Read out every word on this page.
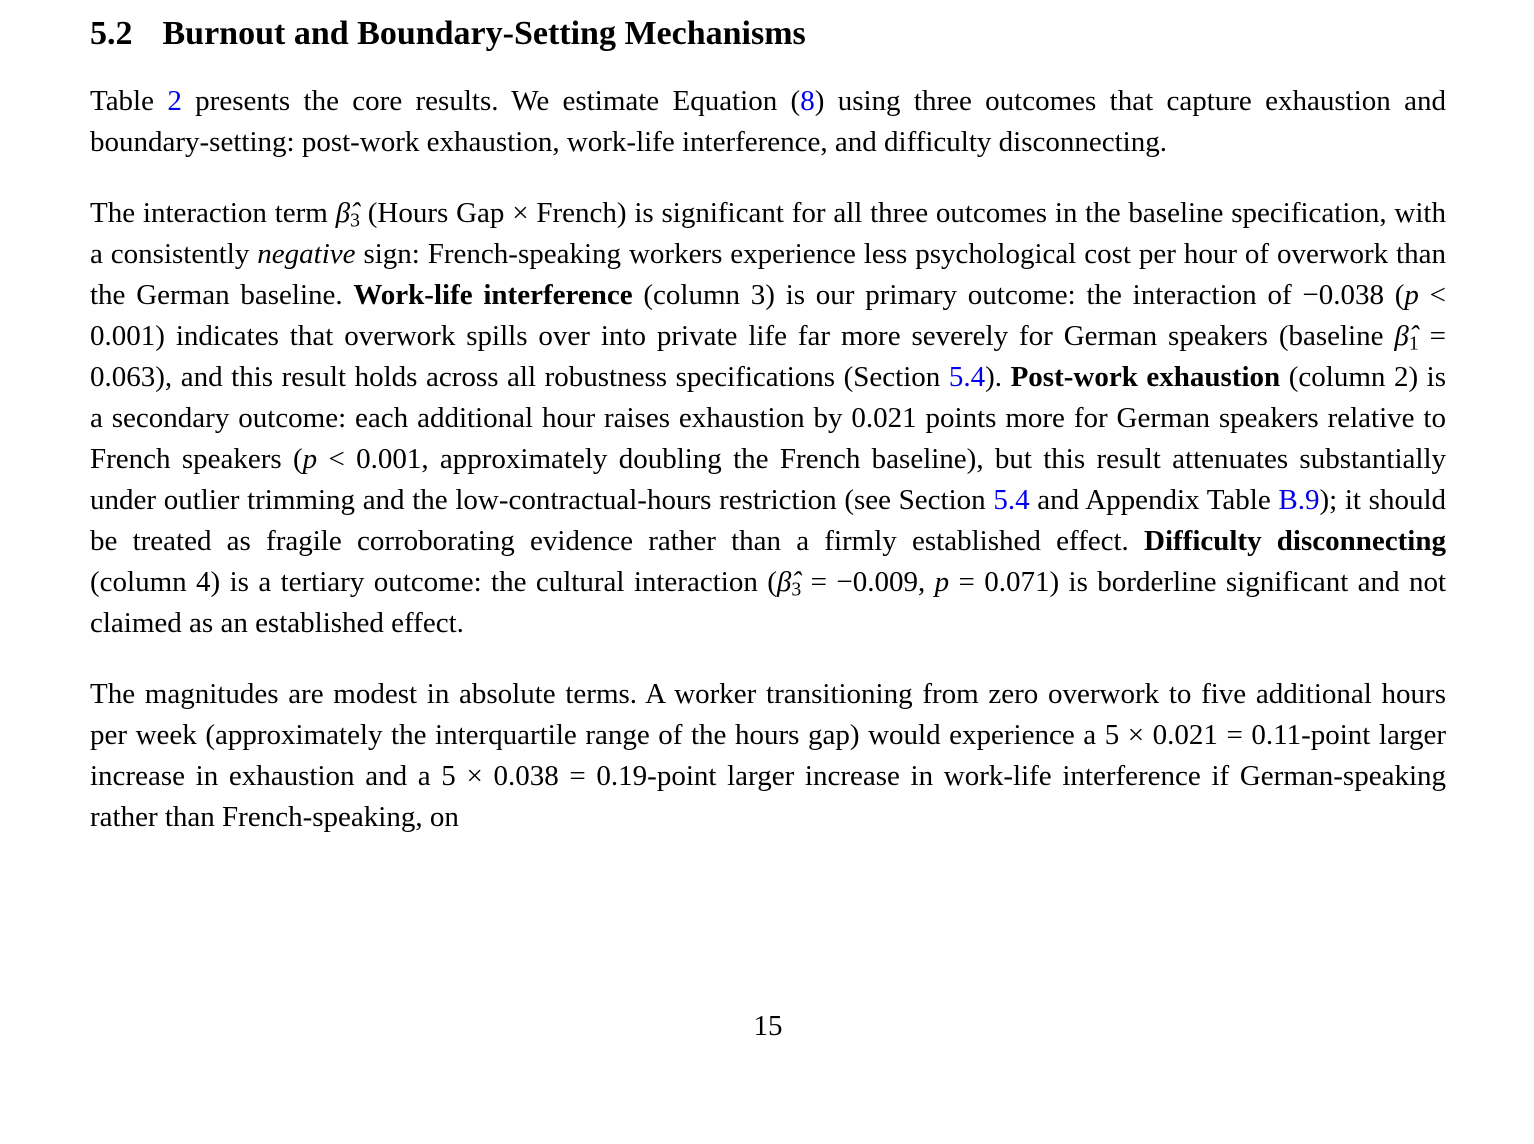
5.2 Burnout and Boundary-Setting Mechanisms

Table 2 presents the core results. We estimate Equation (8) using three outcomes that capture exhaustion and boundary-setting: post-work exhaustion, work-life interference, and difficulty disconnecting.

The interaction term β̂3 (Hours Gap × French) is significant for all three outcomes in the baseline specification, with a consistently negative sign: French-speaking workers experience less psychological cost per hour of overwork than the German baseline. Work-life interference (column 3) is our primary outcome: the interaction of −0.038 (p < 0.001) indicates that overwork spills over into private life far more severely for German speakers (baseline β̂1 = 0.063), and this result holds across all robustness specifications (Section 5.4). Post-work exhaustion (column 2) is a secondary outcome: each additional hour raises exhaustion by 0.021 points more for German speakers relative to French speakers (p < 0.001, approximately doubling the French baseline), but this result attenuates substantially under outlier trimming and the low-contractual-hours restriction (see Section 5.4 and Appendix Table B.9); it should be treated as fragile corroborating evidence rather than a firmly established effect. Difficulty disconnecting (column 4) is a tertiary outcome: the cultural interaction (β̂3 = −0.009, p = 0.071) is borderline significant and not claimed as an established effect.

The magnitudes are modest in absolute terms. A worker transitioning from zero overwork to five additional hours per week (approximately the interquartile range of the hours gap) would experience a 5 × 0.021 = 0.11-point larger increase in exhaustion and a 5 × 0.038 = 0.19-point larger increase in work-life interference if German-speaking rather than French-speaking, on

15
